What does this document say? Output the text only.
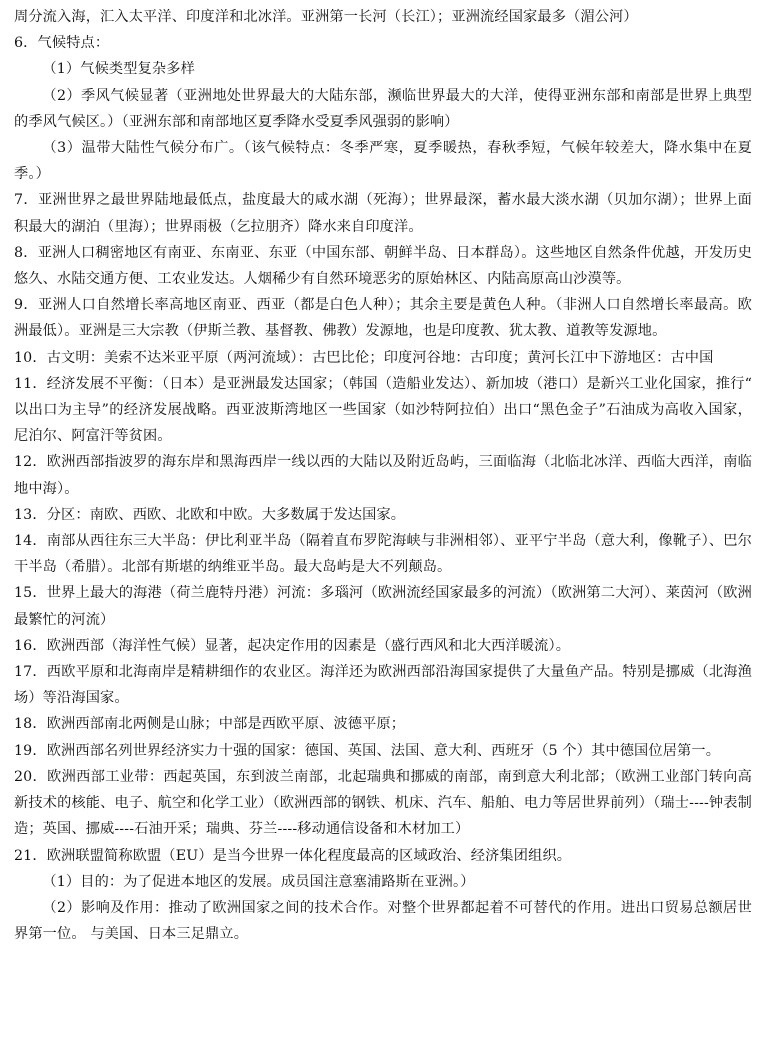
周分流入海，汇入太平洋、印度洋和北冰洋。亚洲第一长河（长江）；亚洲流经国家最多（湄公河）

6．气候特点：

（1）气候类型复杂多样

（2）季风气候显著（亚洲地处世界最大的大陆东部，濒临世界最大的大洋，使得亚洲东部和南部是世界上典型的季风气候区。）（亚洲东部和南部地区夏季降水受夏季风强弱的影响）

（3）温带大陆性气候分布广。（该气候特点：冬季严寒，夏季暖热，春秋季短，气候年较差大，降水集中在夏季。）

7．亚洲世界之最世界陆地最低点，盐度最大的咸水湖（死海）；世界最深，蓄水最大淡水湖（贝加尔湖）；世界上面积最大的湖泊（里海）；世界雨极（乞拉朋齐）降水来自印度洋。

8．亚洲人口稠密地区有南亚、东南亚、东亚（中国东部、朝鲜半岛、日本群岛）。这些地区自然条件优越，开发历史悠久、水陆交通方便、工农业发达。人烟稀少有自然环境恶劣的原始林区、内陆高原高山沙漠等。

9．亚洲人口自然增长率高地区南亚、西亚（都是白色人种）；其余主要是黄色人种。（非洲人口自然增长率最高。欧洲最低）。亚洲是三大宗教（伊斯兰教、基督教、佛教）发源地，也是印度教、犹太教、道教等发源地。

10．古文明：美索不达米亚平原（两河流域）：古巴比伦；印度河谷地：古印度；黄河长江中下游地区：古中国

11．经济发展不平衡：（日本）是亚洲最发达国家；（韩国（造船业发达）、新加坡（港口）是新兴工业化国家，推行“ 以出口为主导”的经济发展战略。西亚波斯湾地区一些国家（如沙特阿拉伯）出口“黑色金子”石油成为高收入国家，尼泊尔、阿富汗等贫困。

12．欧洲西部指波罗的海东岸和黑海西岸一线以西的大陆以及附近岛屿，三面临海（北临北冰洋、西临大西洋，南临地中海）。

13．分区：南欧、西欧、北欧和中欧。大多数属于发达国家。

14．南部从西往东三大半岛：伊比利亚半岛（隔着直布罗陀海峡与非洲相邻）、亚平宁半岛（意大利，像靴子）、巴尔干半岛（希腊）。北部有斯堪的纳维亚半岛。最大岛屿是大不列颠岛。

15．世界上最大的海港（荷兰鹿特丹港）河流：多瑙河（欧洲流经国家最多的河流）（欧洲第二大河）、莱茵河（欧洲最繁忙的河流）

16．欧洲西部（海洋性气候）显著，起决定作用的因素是（盛行西风和北大西洋暖流）。

17．西欧平原和北海南岸是精耕细作的农业区。海洋还为欧洲西部沿海国家提供了大量鱼产品。特别是挪威（北海渔场）等沿海国家。

18．欧洲西部南北两侧是山脉；中部是西欧平原、波德平原；

19．欧洲西部名列世界经济实力十强的国家：德国、英国、法国、意大利、西班牙（5 个）其中德国位居第一。

20．欧洲西部工业带：西起英国，东到波兰南部，北起瑞典和挪威的南部，南到意大利北部；（欧洲工业部门转向高新技术的核能、电子、航空和化学工业）（欧洲西部的钢铁、机床、汽车、船舶、电力等居世界前列）（瑞士----钟表制造；英国、挪威----石油开采；瑞典、芬兰----移动通信设备和木材加工）

21．欧洲联盟简称欧盟（EU）是当今世界一体化程度最高的区域政治、经济集团组织。

（1）目的：为了促进本地区的发展。成员国注意塞浦路斯在亚洲。）

（2）影响及作用：推动了欧洲国家之间的技术合作。对整个世界都起着不可替代的作用。进出口贸易总额居世界第一位。 与美国、日本三足鼎立。
